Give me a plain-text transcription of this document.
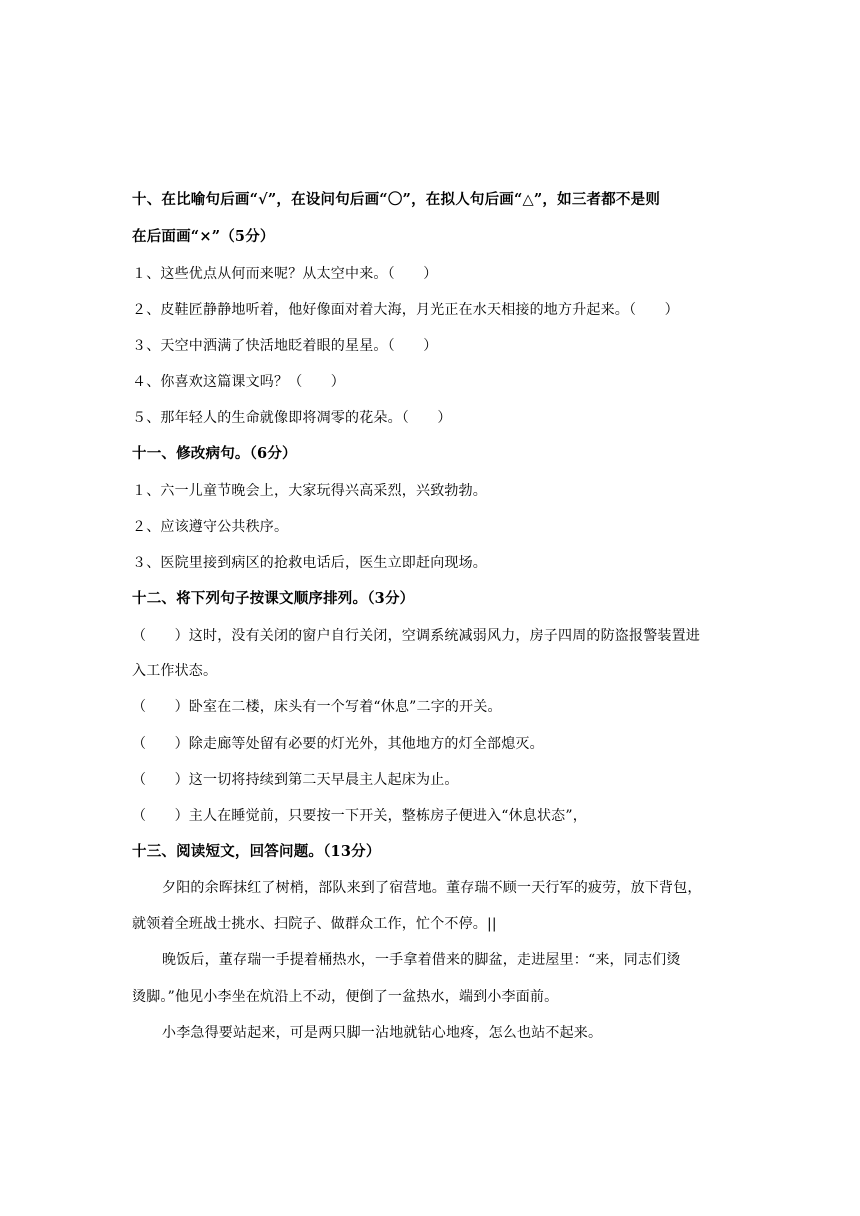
十、在比喻句后画“√”，在设问句后画“〇”，在拟人句后画“△”，如三者都不是则
在后面画“×”（5分）
１、这些优点从何而来呢？从太空中来。（　　）
２、皮鞋匠静静地听着，他好像面对着大海，月光正在水天相接的地方升起来。（　　）
３、天空中洒满了快活地眨着眼的星星。（　　）
４、你喜欢这篇课文吗？（　　）
５、那年轻人的生命就像即将凋零的花朵。（　　）
十一、修改病句。（6分）
１、六一儿童节晚会上，大家玩得兴高采烈，兴致勃勃。
２、应该遵守公共秩序。
３、医院里接到病区的抢救电话后，医生立即赶向现场。
十二、将下列句子按课文顺序排列。（3分）
（　　）这时，没有关闭的窗户自行关闭，空调系统减弱风力，房子四周的防盗报警装置进
入工作状态。
（　　）卧室在二楼，床头有一个写着“休息”二字的开关。
（　　）除走廊等处留有必要的灯光外，其他地方的灯全部熄灭。
（　　）这一切将持续到第二天早晨主人起床为止。
（　　）主人在睡觉前，只要按一下开关，整栋房子便进入“休息状态”，
十三、阅读短文，回答问题。（13分）
夕阳的余晖抹红了树梢，部队来到了宿营地。董存瑞不顾一天行军的疲劳，放下背包，
就领着全班战士挑水、扫院子、做群众工作，忙个不停。||
晚饭后，董存瑞一手提着桶热水，一手拿着借来的脚盆，走进屋里：“来，同志们烫
烫脚。”他见小李坐在炕沿上不动，便倒了一盆热水，端到小李面前。
小李急得要站起来，可是两只脚一沾地就钻心地疼，怎么也站不起来。
